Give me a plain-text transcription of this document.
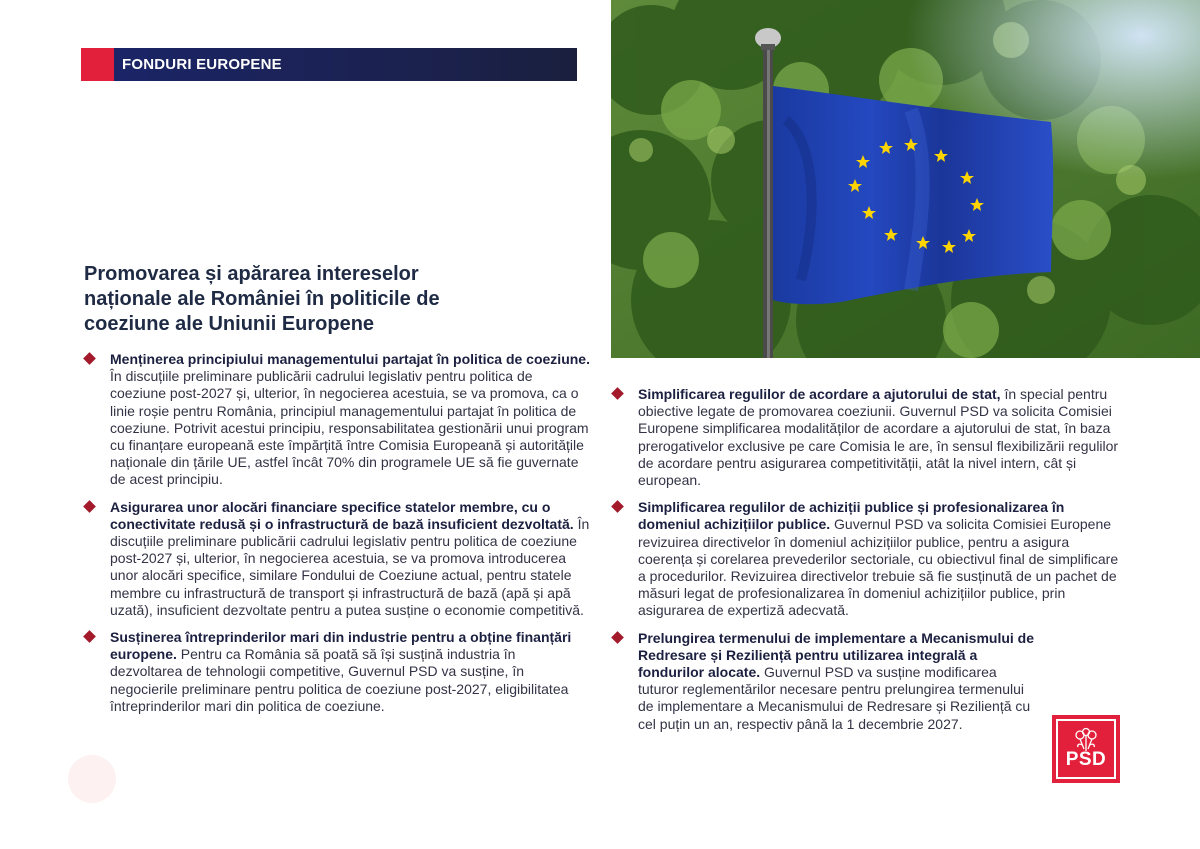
FONDURI EUROPENE
Promovarea și apărarea intereselor naționale ale României în politicile de coeziune ale Uniunii Europene
Menținerea principiului managementului partajat în politica de coeziune. În discuțiile preliminare publicării cadrului legislativ pentru politica de coeziune post-2027 și, ulterior, în negocierea acestuia, se va promova, ca o linie roșie pentru România, principiul managementului partajat în politica de coeziune. Potrivit acestui principiu, responsabilitatea gestionării unui program cu finanțare europeană este împărțită între Comisia Europeană și autoritățile naționale din țările UE, astfel încât 70% din programele UE să fie guvernate de acest principiu.
Asigurarea unor alocări financiare specifice statelor membre, cu o conectivitate redusă și o infrastructură de bază insuficient dezvoltată. În discuțiile preliminare publicării cadrului legislativ pentru politica de coeziune post-2027 și, ulterior, în negocierea acestuia, se va promova introducerea unor alocări specifice, similare Fondului de Coeziune actual, pentru statele membre cu infrastructură de transport și infrastructură de bază (apă și apă uzată), insuficient dezvoltate pentru a putea susține o economie competitivă.
Susținerea întreprinderilor mari din industrie pentru a obține finanțări europene. Pentru ca România să poată să își susțină industria în dezvoltarea de tehnologii competitive, Guvernul PSD va susține, în negocierile preliminare pentru politica de coeziune post-2027, eligibilitatea întreprinderilor mari din politica de coeziune.
Simplificarea regulilor de acordare a ajutorului de stat, în special pentru obiective legate de promovarea coeziunii. Guvernul PSD va solicita Comisiei Europene simplificarea modalităților de acordare a ajutorului de stat, în baza prerogativelor exclusive pe care Comisia le are, în sensul flexibilizării regulilor de acordare pentru asigurarea competitivității, atât la nivel intern, cât și european.
Simplificarea regulilor de achiziții publice și profesionalizarea în domeniul achizițiilor publice. Guvernul PSD va solicita Comisiei Europene revizuirea directivelor în domeniul achizițiilor publice, pentru a asigura coerența și corelarea prevederilor sectoriale, cu obiectivul final de simplificare a procedurilor. Revizuirea directivelor trebuie să fie susținută de un pachet de măsuri legat de profesionalizarea în domeniul achizițiilor publice, prin asigurarea de expertiză adecvată.
Prelungirea termenului de implementare a Mecanismului de Redresare și Reziliență pentru utilizarea integrală a fondurilor alocate. Guvernul PSD va susține modificarea tuturor reglementărilor necesare pentru prelungirea termenului de implementare a Mecanismului de Redresare și Reziliență cu cel puțin un an, respectiv până la 1 decembrie 2027.
PSD
